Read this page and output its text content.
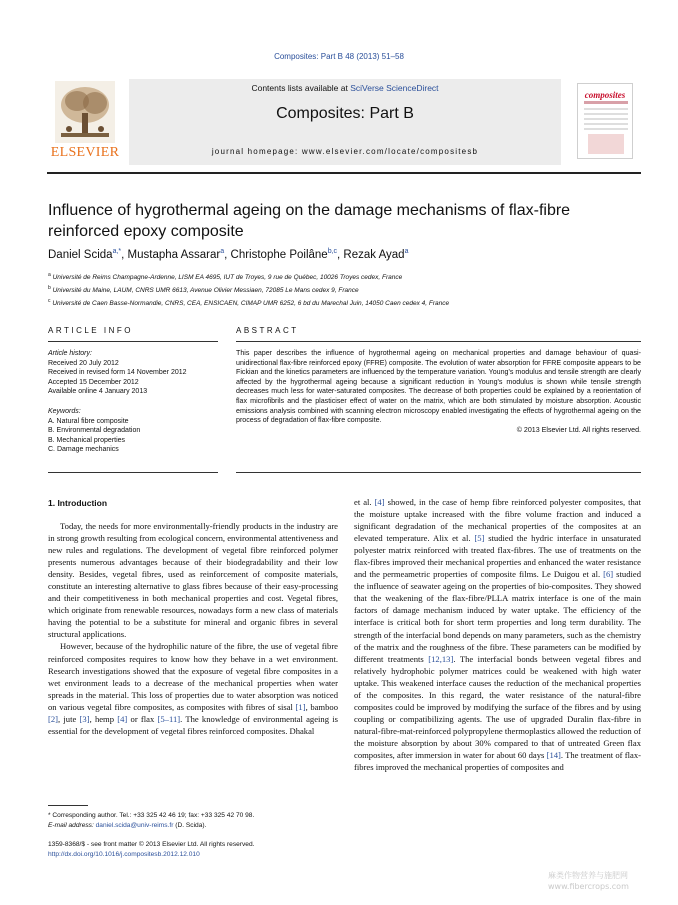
Composites: Part B 48 (2013) 51–58
ELSEVIER
Contents lists available at SciVerse ScienceDirect
Composites: Part B
journal homepage: www.elsevier.com/locate/compositesb
composites
Influence of hygrothermal ageing on the damage mechanisms of flax-fibre reinforced epoxy composite
Daniel Scida$^{a,*}$, Mustapha Assarar$^a$, Christophe Poilâne$^{b,c}$, Rezak Ayad$^a$
$^a$ Université de Reims Champagne-Ardenne, LISM EA 4695, IUT de Troyes, 9 rue de Québec, 10026 Troyes cedex, France
$^b$ Université du Maine, LAUM, CNRS UMR 6613, Avenue Olivier Messiaen, 72085 Le Mans cedex 9, France
$^c$ Université de Caen Basse-Normandie, CNRS, CEA, ENSICAEN, CIMAP UMR 6252, 6 bd du Marechal Juin, 14050 Caen cedex 4, France
ARTICLE INFO	ABSTRACT
Article history:
Received 20 July 2012
Received in revised form 14 November 2012
Accepted 15 December 2012
Available online 4 January 2013
Keywords:
A. Natural fibre composite
B. Environmental degradation
B. Mechanical properties
C. Damage mechanics
This paper describes the influence of hygrothermal ageing on mechanical properties and damage behaviour of quasi-unidirectional flax-fibre reinforced epoxy (FFRE) composite. The evolution of water absorption for FFRE composite appears to be Fickian and the kinetics parameters are influenced by the temperature variation. Young's modulus and tensile strength are clearly affected by the hygrothermal ageing because a significant reduction in Young's modulus is shown while tensile strength decreases much less for water-saturated composites. The decrease of both properties could be explained by a reorientation of flax microfibrils and the plasticiser effect of water on the matrix, which are both stimulated by moisture absorption. Acoustic emissions analysis combined with scanning electron microscopy enabled investigating the effects of hygrothermal ageing on the process of degradation of flax-fibre composite.
© 2013 Elsevier Ltd. All rights reserved.
1. Introduction

Today, the needs for more environmentally-friendly products in the industry are in strong growth resulting from ecological concern, environmental attentiveness and new rules and regulations. The development of vegetal fibre reinforced polymer presents numerous advantages because of their biodegradability and their low density. Besides, vegetal fibres, used as reinforcement of composite materials, constitute an interesting alternative to glass fibres because of their easy-processing and their competitiveness in both mechanical properties and cost. Vegetal fibres, which originate from renewable resources, nowadays form a new class of materials having the potential to be a substitute for mineral and organic fibres in several structural applications.

However, because of the hydrophilic nature of the fibre, the use of vegetal fibre reinforced composites requires to know how they behave in a wet environment. Research investigations showed that the exposure of vegetal fibre composites in a wet environment leads to a decrease of the mechanical properties when water spreads in the material. This loss of properties due to water absorption was noticed on various vegetal fibre composites, as composites with fibres of sisal [1], bamboo [2], jute [3], hemp [4] or flax [5–11]. The knowledge of environmental ageing is essential for the development of vegetal fibres reinforced composites. Dhakal

et al. [4] showed, in the case of hemp fibre reinforced polyester composites, that the moisture uptake increased with the fibre volume fraction and induced a significant degradation of the mechanical properties of the composites at an elevated temperature. Alix et al. [5] studied the hydric interface in unsaturated polyester matrix reinforced with treated flax-fibres. The use of treatments on the flax-fibres improved their mechanical properties and enhanced the water resistance and the permeametric properties of composite films. Le Duigou et al. [6] studied the influence of seawater ageing on the properties of bio-composites. They showed that the weakening of the flax-fibre/PLLA matrix interface is one of the main factors of damage mechanism induced by water uptake. The efficiency of the interface is critical both for short term properties and long term durability. The strength of the interfacial bond depends on many parameters, such as the chemistry of the matrix and the roughness of the fibre. These parameters can be modified by different treatments [12,13]. The interfacial bonds between vegetal fibres and relatively hydrophobic polymer matrices could be weakened with high water uptake. This weakened interface causes the reduction of the mechanical properties of the composites. In this regard, the water resistance of the natural-fibre composites could be improved by modifying the surface of the fibres and by using coupling or compatibilizing agents. The use of upgraded Duralin flax-fibre in natural-fibre-mat-reinforced polypropylene thermoplastics allowed the reduction of the moisture absorption by about 30% compared to that of untreated Green flax composites, after immersion in water for about 60 days [14]. The treatment of flax-fibres improved the mechanical properties of composites and

* Corresponding author. Tel.: +33 325 42 46 19; fax: +33 325 42 70 98.
E-mail address: daniel.scida@univ-reims.fr (D. Scida).
1359-8368/$ - see front matter © 2013 Elsevier Ltd. All rights reserved.
http://dx.doi.org/10.1016/j.compositesb.2012.12.010
麻类作物营养与施肥网
www.fibercrops.com
